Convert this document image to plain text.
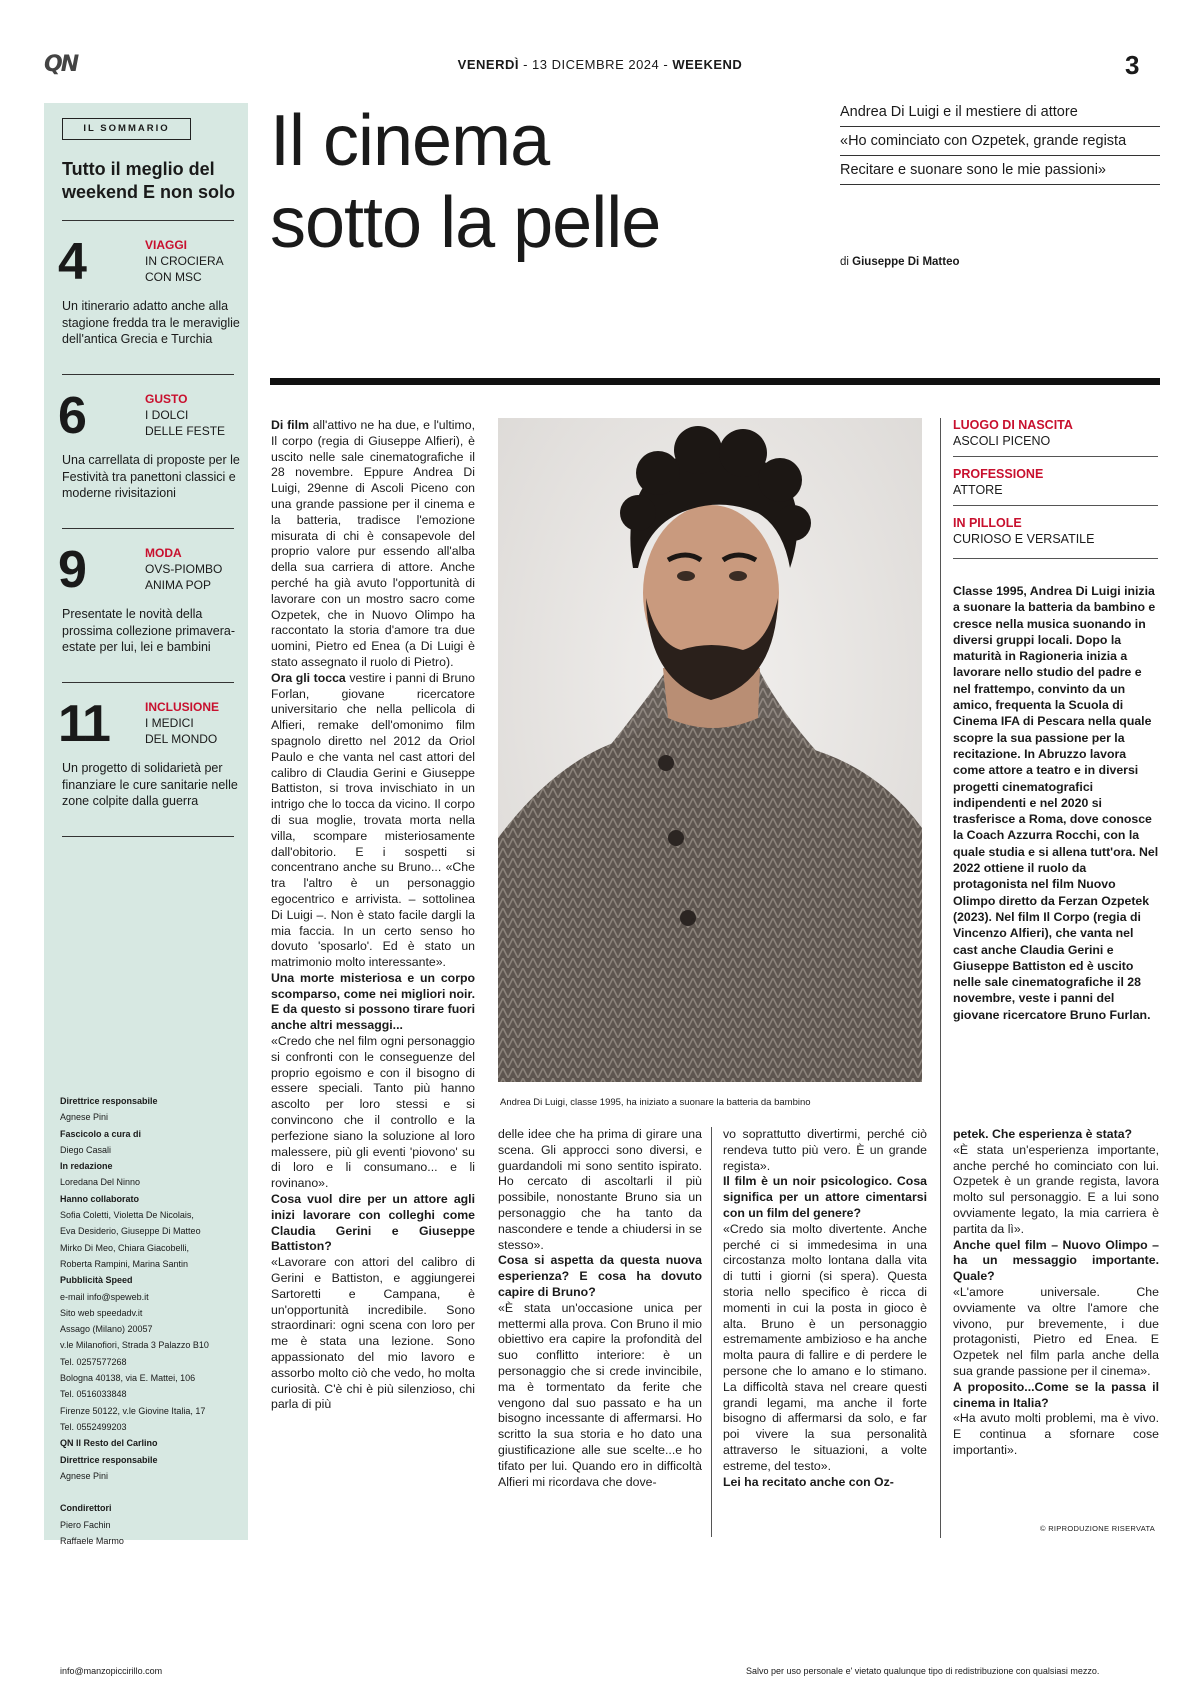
QN	VENERDÌ - 13 DICEMBRE 2024 - WEEKEND	3
IL SOMMARIO
Tutto il meglio del weekend E non solo
4	VIAGGI
IN CROCIERA
CON MSC
Un itinerario adatto anche alla stagione fredda tra le meraviglie dell'antica Grecia e Turchia
6	GUSTO
I DOLCI
DELLE FESTE
Una carrellata di proposte per le Festività tra panettoni classici e moderne rivisitazioni
9	MODA
OVS-PIOMBO
ANIMA POP
Presentate le novità della prossima collezione primavera-estate per lui, lei e bambini
11	INCLUSIONE
I MEDICI
DEL MONDO
Un progetto di solidarietà per finanziare le cure sanitarie nelle zone colpite dalla guerra
Direttrice responsabile
Agnese Pini
Fascicolo a cura di
Diego Casali
In redazione
Loredana Del Ninno
Hanno collaborato
Sofia Coletti, Violetta De Nicolais,
Eva Desiderio, Giuseppe Di Matteo
Mirko Di Meo, Chiara Giacobelli,
Roberta Rampini, Marina Santin
Pubblicità Speed
e-mail info@speweb.it
Sito web speedadv.it
Assago (Milano) 20057
v.le Milanofiori, Strada 3 Palazzo B10
Tel. 0257577268
Bologna 40138, via E. Mattei, 106
Tel. 0516033848
Firenze 50122, v.le Giovine Italia, 17
Tel. 0552499203
QN Il Resto del Carlino
Direttrice responsabile
Agnese Pini

Condirettori
Piero Fachin
Raffaele Marmo
Il cinema
sotto la pelle
Andrea Di Luigi e il mestiere di attore
«Ho cominciato con Ozpetek, grande regista
Recitare e suonare sono le mie passioni»
di Giuseppe Di Matteo

Di film all'attivo ne ha due, e l'ultimo, Il corpo (regia di Giuseppe Alfieri), è uscito nelle sale cinematografiche il 28 novembre. Eppure Andrea Di Luigi, 29enne di Ascoli Piceno con una grande passione per il cinema e la batteria, tradisce l'emozione misurata di chi è consapevole del proprio valore pur essendo all'alba della sua carriera di attore. Anche perché ha già avuto l'opportunità di lavorare con un mostro sacro come Ozpetek, che in Nuovo Olimpo ha raccontato la storia d'amore tra due uomini, Pietro ed Enea (a Di Luigi è stato assegnato il ruolo di Pietro).

Ora gli tocca vestire i panni di Bruno Forlan, giovane ricercatore universitario che nella pellicola di Alfieri, remake dell'omonimo film spagnolo diretto nel 2012 da Oriol Paulo e che vanta nel cast attori del calibro di Claudia Gerini e Giuseppe Battiston, si trova invischiato in un intrigo che lo tocca da vicino. Il corpo di sua moglie, trovata morta nella villa, scompare misteriosamente dall'obitorio. E i sospetti si concentrano anche su Bruno... «Che tra l'altro è un personaggio egocentrico e arrivista. – sottolinea Di Luigi –. Non è stato facile dargli la mia faccia. In un certo senso ho dovuto 'sposarlo'. Ed è stato un matrimonio molto interessante».

Una morte misteriosa e un corpo scomparso, come nei migliori noir. E da questo si possono tirare fuori anche altri messaggi...

«Credo che nel film ogni personaggio si confronti con le conseguenze del proprio egoismo e con il bisogno di essere speciali. Tanto più hanno ascolto per loro stessi e si convincono che il controllo e la perfezione siano la soluzione al loro malessere, più gli eventi 'piovono' su di loro e li consumano... e li rovinano».

Cosa vuol dire per un attore agli inizi lavorare con colleghi come Claudia Gerini e Giuseppe Battiston?

«Lavorare con attori del calibro di Gerini e Battiston, e aggiungerei Sartoretti e Campana, è un'opportunità incredibile. Sono straordinari: ogni scena con loro per me è stata una lezione. Sono appassionato del mio lavoro e assorbo molto ciò che vedo, ho molta curiosità. C'è chi è più silenzioso, chi parla di più

Andrea Di Luigi, classe 1995, ha iniziato a suonare la batteria da bambino

delle idee che ha prima di girare una scena. Gli approcci sono diversi, e guardandoli mi sono sentito ispirato. Ho cercato di ascoltarli il più possibile, nonostante Bruno sia un personaggio che ha tanto da nascondere e tende a chiudersi in se stesso».

Cosa si aspetta da questa nuova esperienza? E cosa ha dovuto capire di Bruno?

«È stata un'occasione unica per mettermi alla prova. Con Bruno il mio obiettivo era capire la profondità del suo conflitto interiore: è un personaggio che si crede invincibile, ma è tormentato da ferite che vengono dal suo passato e ha un bisogno incessante di affermarsi. Ho scritto la sua storia e ho dato una giustificazione alle sue scelte...e ho tifato per lui. Quando ero in difficoltà Alfieri mi ricordava che dove-

vo soprattutto divertirmi, perché ciò rendeva tutto più vero. È un grande regista».

Il film è un noir psicologico. Cosa significa per un attore cimentarsi con un film del genere?

«Credo sia molto divertente. Anche perché ci si immedesima in una circostanza molto lontana dalla vita di tutti i giorni (si spera). Questa storia nello specifico è ricca di momenti in cui la posta in gioco è alta. Bruno è un personaggio estremamente ambizioso e ha anche molta paura di fallire e di perdere le persone che lo amano e lo stimano. La difficoltà stava nel creare questi grandi legami, ma anche il forte bisogno di affermarsi da solo, e far poi vivere la sua personalità attraverso le situazioni, a volte estreme, del testo».

Lei ha recitato anche con Oz-

petek. Che esperienza è stata?

«È stata un'esperienza importante, anche perché ho cominciato con lui. Ozpetek è un grande regista, lavora molto sul personaggio. E a lui sono ovviamente legato, la mia carriera è partita da lì».

Anche quel film – Nuovo Olimpo – ha un messaggio importante. Quale?

«L'amore universale. Che ovviamente va oltre l'amore che vivono, pur brevemente, i due protagonisti, Pietro ed Enea. E Ozpetek nel film parla anche della sua grande passione per il cinema».

A proposito...Come se la passa il cinema in Italia?

«Ha avuto molti problemi, ma è vivo. E continua a sfornare cose importanti».

© RIPRODUZIONE RISERVATA
LUOGO DI NASCITA
ASCOLI PICENO
PROFESSIONE
ATTORE
IN PILLOLE
CURIOSO E VERSATILE
Classe 1995, Andrea Di Luigi inizia a suonare la batteria da bambino e cresce nella musica suonando in diversi gruppi locali. Dopo la maturità in Ragioneria inizia a lavorare nello studio del padre e nel frattempo, convinto da un amico, frequenta la Scuola di Cinema IFA di Pescara nella quale scopre la sua passione per la recitazione. In Abruzzo lavora come attore a teatro e in diversi progetti cinematografici indipendenti e nel 2020 si trasferisce a Roma, dove conosce la Coach Azzurra Rocchi, con la quale studia e si allena tutt'ora. Nel 2022 ottiene il ruolo da protagonista nel film Nuovo Olimpo diretto da Ferzan Ozpetek (2023). Nel film Il Corpo (regia di Vincenzo Alfieri), che vanta nel cast anche Claudia Gerini e Giuseppe Battiston ed è uscito nelle sale cinematografiche il 28 novembre, veste i panni del giovane ricercatore Bruno Furlan.
info@manzopiccirillo.com	Salvo per uso personale e' vietato qualunque tipo di redistribuzione con qualsiasi mezzo.
